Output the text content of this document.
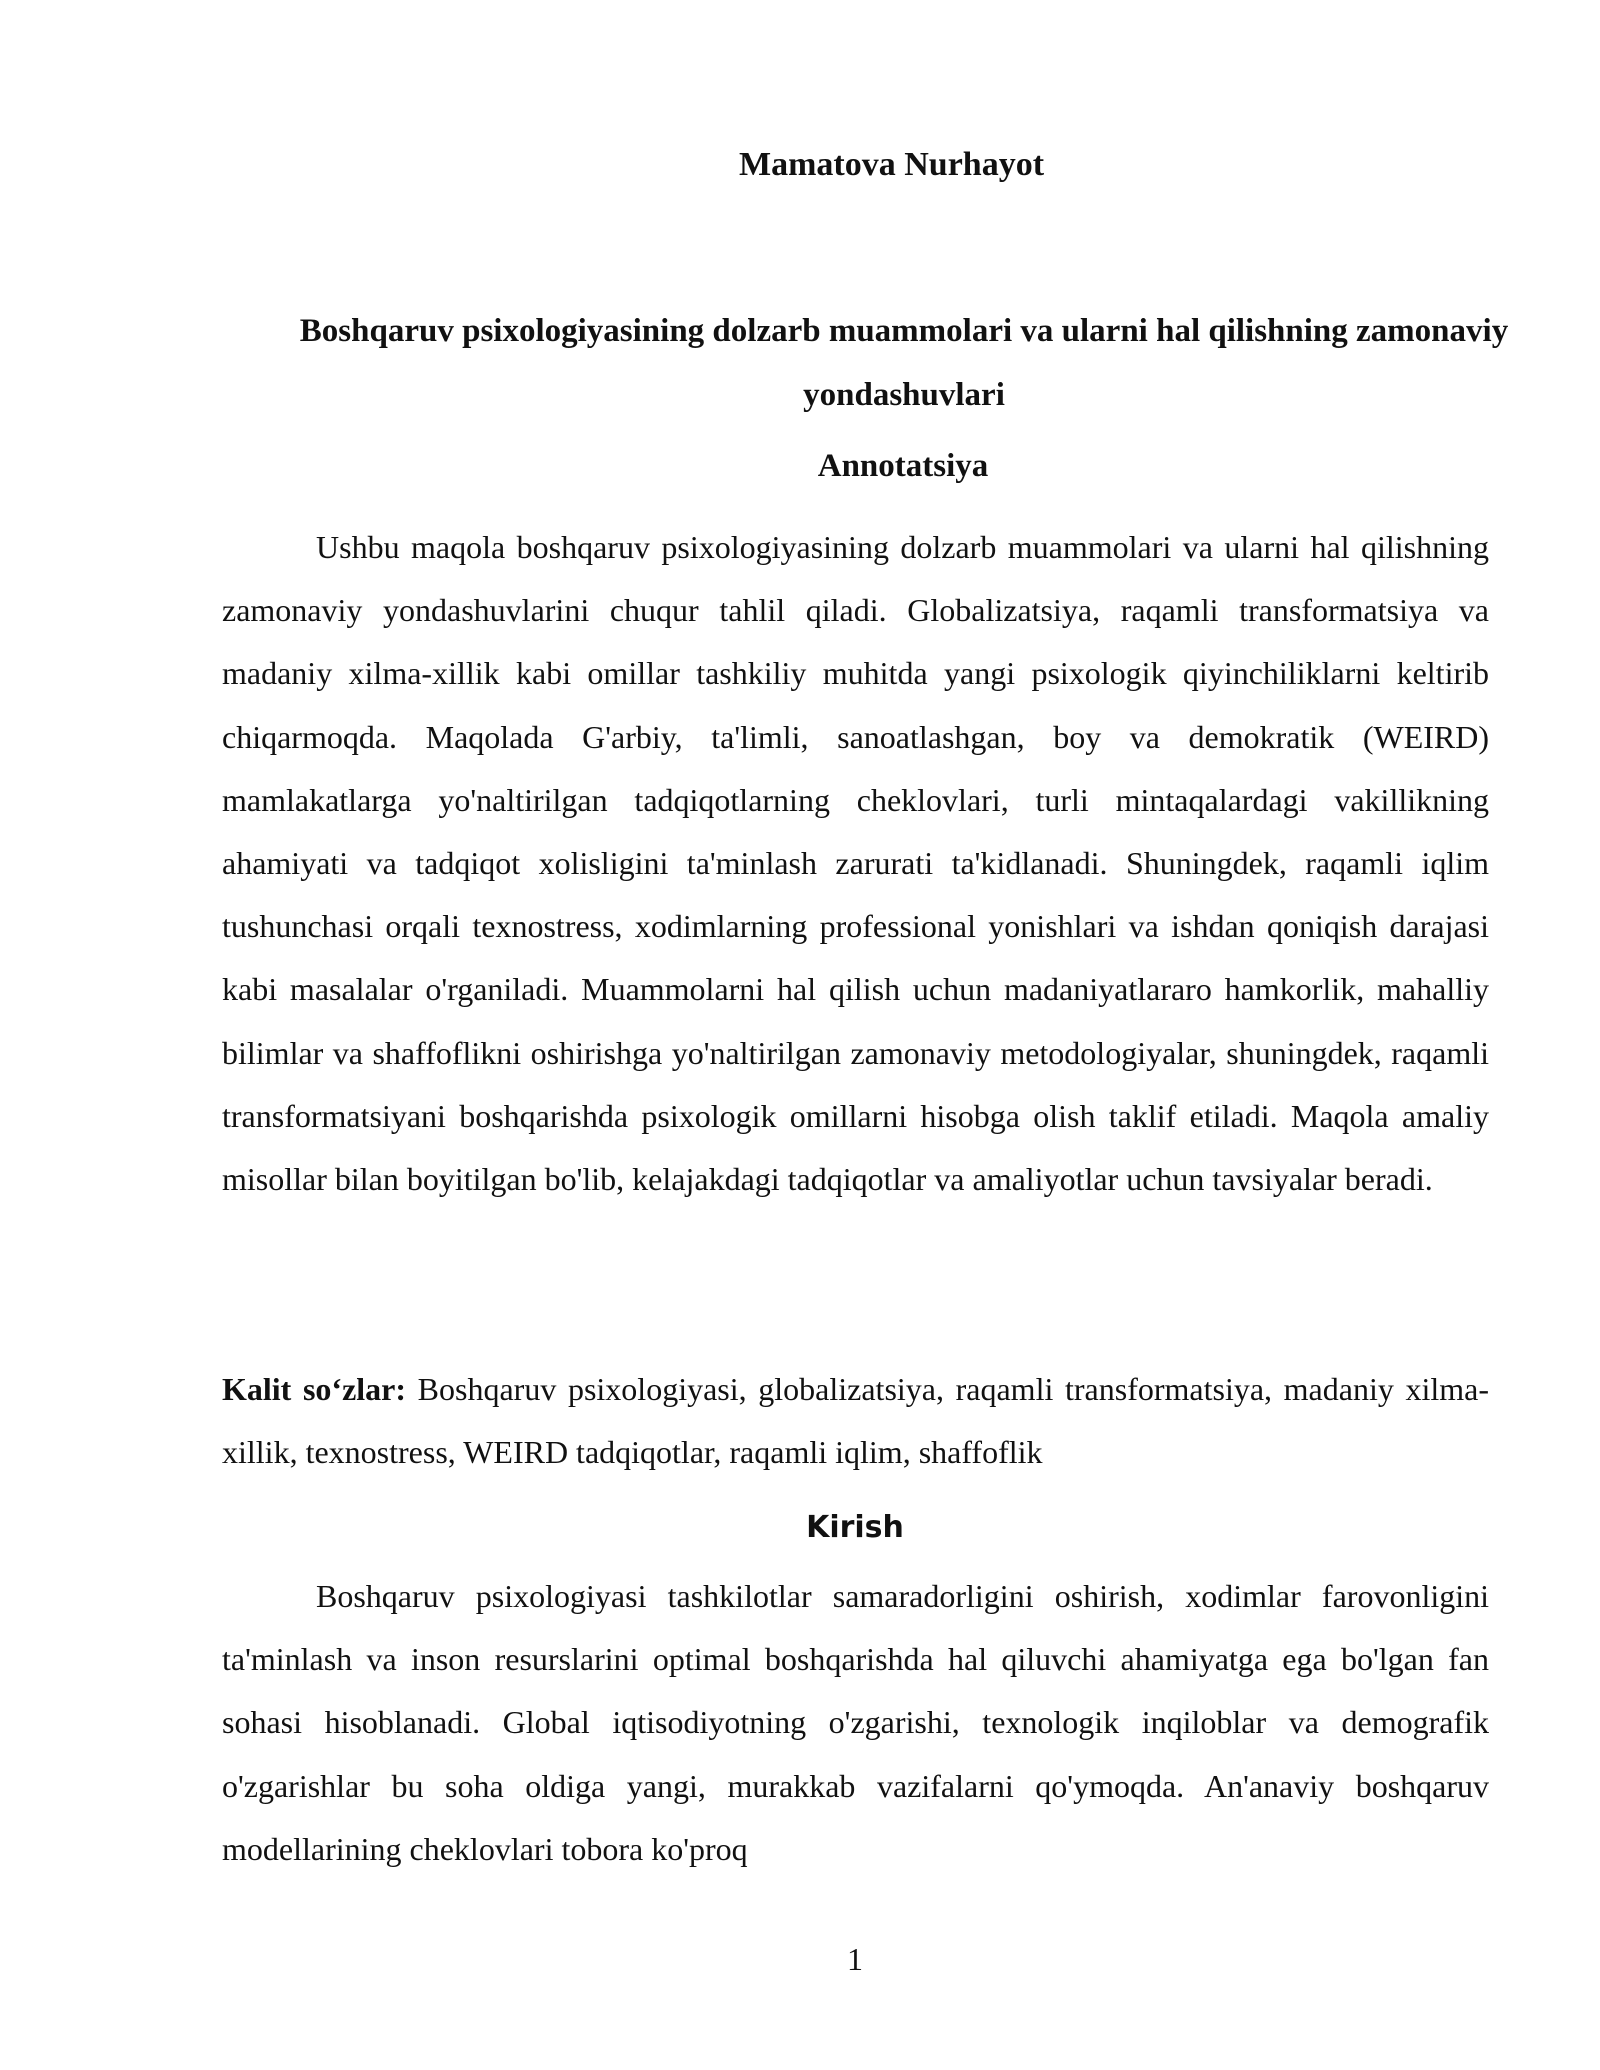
Mamatova Nurhayot
Boshqaruv psixologiyasining dolzarb muammolari va ularni hal qilishning zamonaviy yondashuvlari
Annotatsiya

Ushbu maqola boshqaruv psixologiyasining dolzarb muammolari va ularni hal qilishning zamonaviy yondashuvlarini chuqur tahlil qiladi. Globalizatsiya, raqamli transformatsiya va madaniy xilma-xillik kabi omillar tashkiliy muhitda yangi psixologik qiyinchiliklarni keltirib chiqarmoqda. Maqolada G'arbiy, ta'limli, sanoatlashgan, boy va demokratik (WEIRD) mamlakatlarga yo'naltirilgan tadqiqotlarning cheklovlari, turli mintaqalardagi vakillikning ahamiyati va tadqiqot xolisligini ta'minlash zarurati ta'kidlanadi. Shuningdek, raqamli iqlim tushunchasi orqali texnostress, xodimlarning professional yonishlari va ishdan qoniqish darajasi kabi masalalar o'rganiladi. Muammolarni hal qilish uchun madaniyatlararo hamkorlik, mahalliy bilimlar va shaffoflikni oshirishga yo'naltirilgan zamonaviy metodologiyalar, shuningdek, raqamli transformatsiyani boshqarishda psixologik omillarni hisobga olish taklif etiladi. Maqola amaliy misollar bilan boyitilgan bo'lib, kelajakdagi tadqiqotlar va amaliyotlar uchun tavsiyalar beradi.

Kalit so‘zlar: Boshqaruv psixologiyasi, globalizatsiya, raqamli transformatsiya, madaniy xilma-xillik, texnostress, WEIRD tadqiqotlar, raqamli iqlim, shaffoflik

Kirish

Boshqaruv psixologiyasi tashkilotlar samaradorligini oshirish, xodimlar farovonligini ta'minlash va inson resurslarini optimal boshqarishda hal qiluvchi ahamiyatga ega bo'lgan fan sohasi hisoblanadi. Global iqtisodiyotning o'zgarishi, texnologik inqiloblar va demografik o'zgarishlar bu soha oldiga yangi, murakkab vazifalarni qo'ymoqda. An'anaviy boshqaruv modellarining cheklovlari tobora ko'proq

1
